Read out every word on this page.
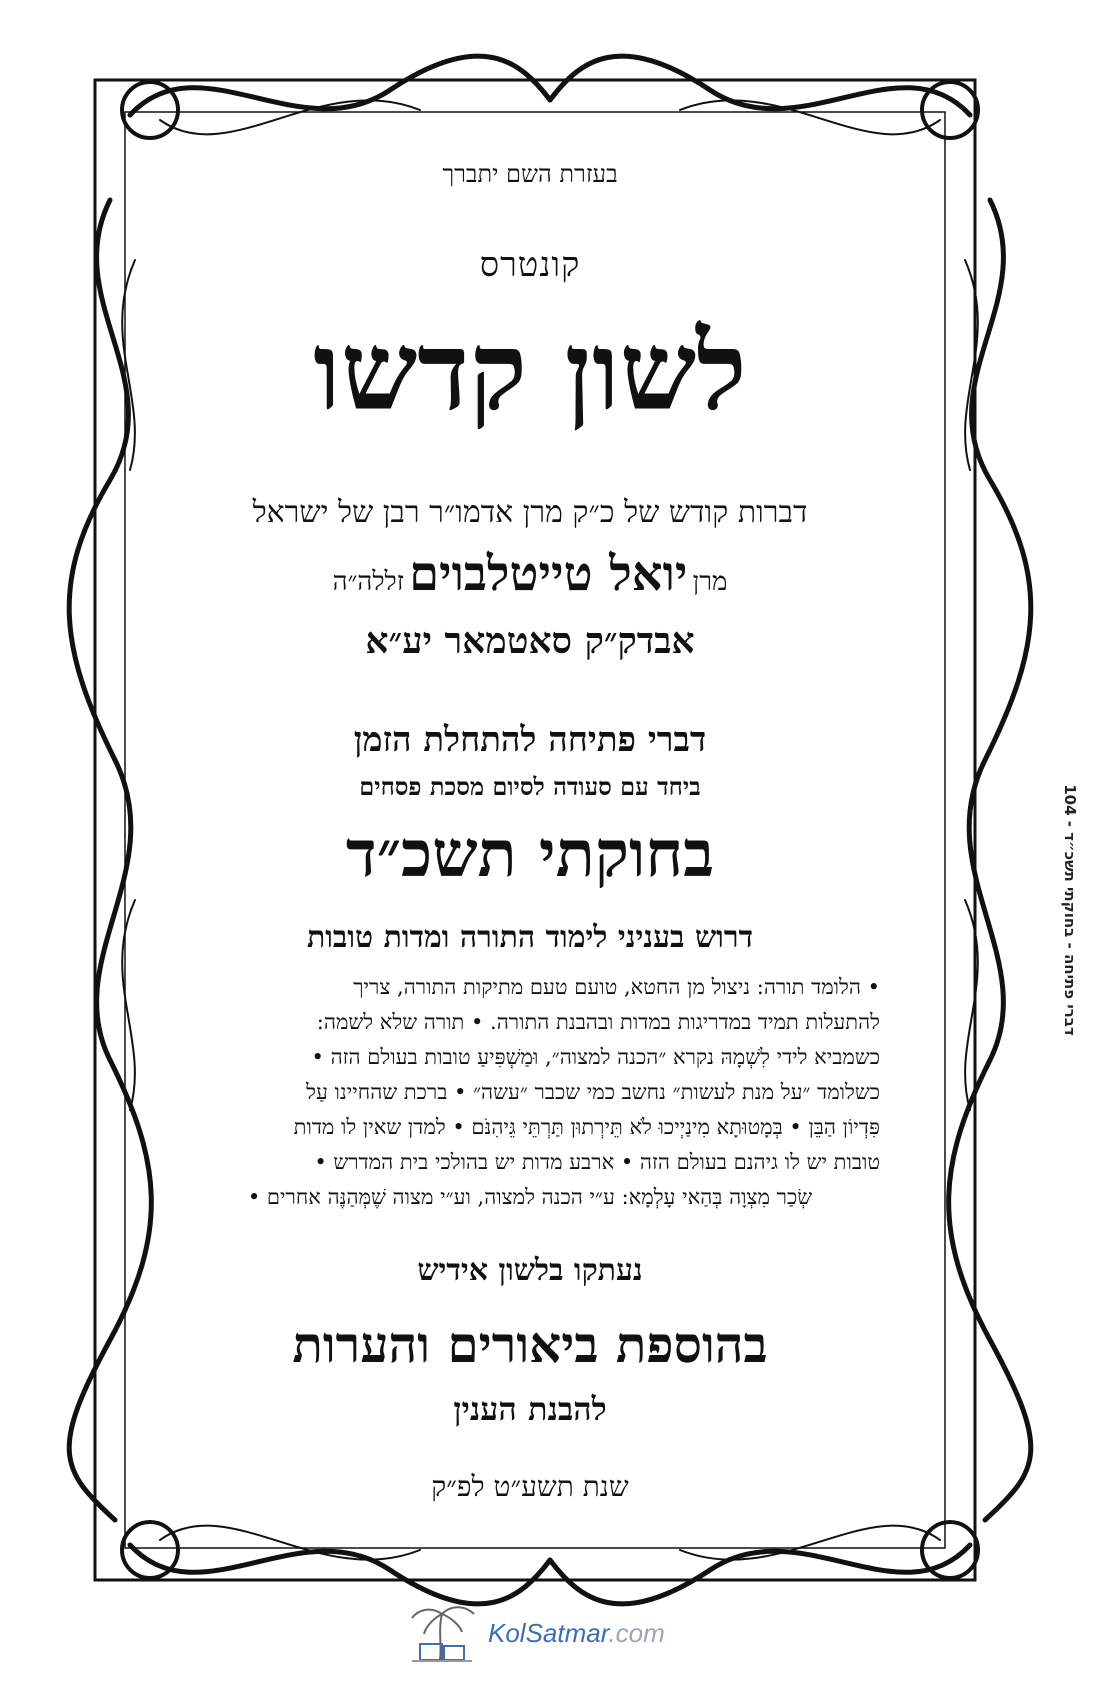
בעזרת השם יתברך
קונטרס
לשון קדשו
דברות קודש של כ״ק מרן אדמו״ר רבן של ישראל
מרן יואל טייטלבוים זללה״ה
אבדק״ק סאטמאר יע״א
דברי פתיחה להתחלת הזמן
ביחד עם סעודה לסיום מסכת פסחים
בחוקתי תשכ״ד
דרוש בעניני לימוד התורה ומדות טובות
• הלומד תורה: ניצול מן החטא, טועם טעם מתיקות התורה, צריך
להתעלות תמיד במדריגות במדות ובהבנת התורה. • תורה שלא לשמה:
כשמביא לידי לִשְׁמָהּ נקרא ״הכנה למצוה״, וּמַשְׁפִּיעַ טובות בעולם הזה •
כשלומד ״על מנת לעשות״ נחשב כמי שכבר ״עשה״ • ברכת שהחיינו עַל
פִּדְיוֹן הַבֵּן • בְּמָטוּתָא מִינַיְיכוּ לֹא תֵּירְתוּן תַּרְתֵּי גֵּיהִנֹּם • למדן שאין לו מדות
טובות יש לו גיהנם בעולם הזה • ארבע מדות יש בהולכי בית המדרש •
שְׂכַר מִצְוָה בְּהַאי עָלְמָא: ע״י הכנה למצוה, וע״י מצוה שֶׁמְּהַנֶּה אחרים •
נעתקו בלשון אידיש
בהוספת ביאורים והערות
להבנת הענין
שנת תשע״ט לפ״ק
דברי פתיחה - בחוקתי תשכ״ד - 104
KolSatmar.com
